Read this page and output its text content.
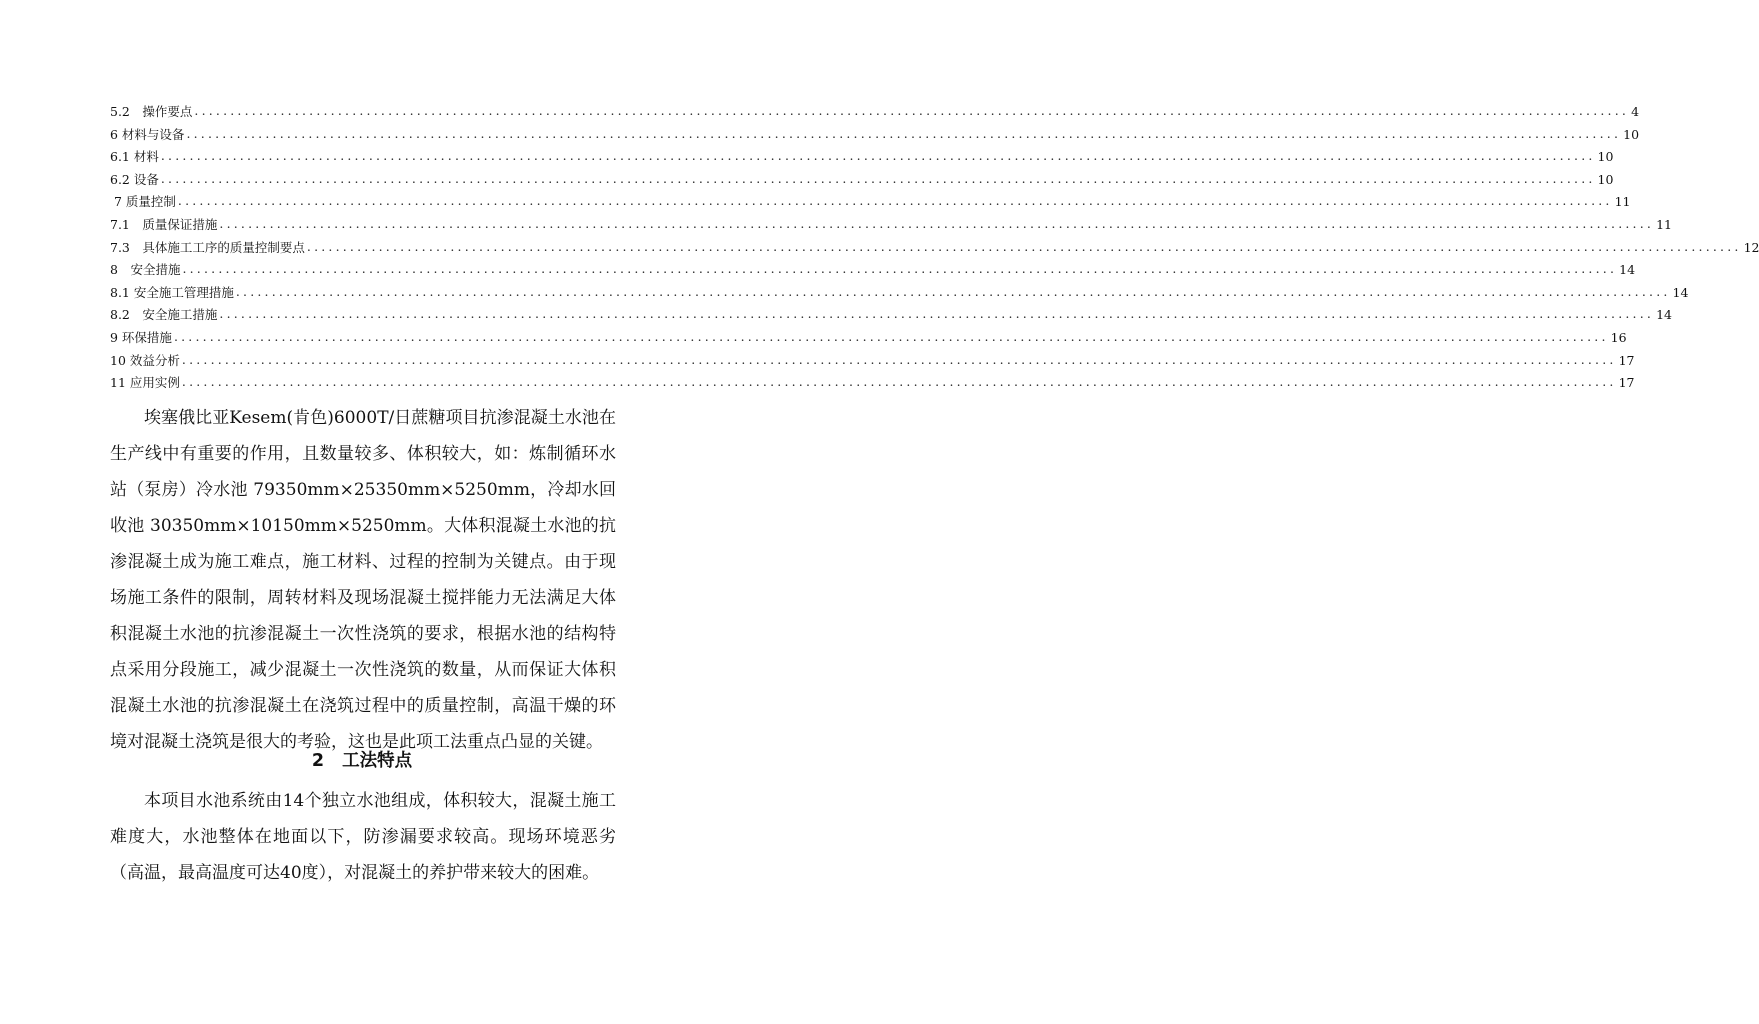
5.2　操作要点 ........................................................................................................................................................................................................ 4
6 材料与设备 ........................................................................................................................................................................................................ 10
6.1 材料 ........................................................................................................................................................................................................ 10
6.2 设备 ........................................................................................................................................................................................................ 10
7 质量控制 ........................................................................................................................................................................................................ 11
7.1　质量保证措施 ........................................................................................................................................................................................................ 11
7.3　具体施工工序的质量控制要点 ........................................................................................................................................................................................................ 12
8　安全措施 ........................................................................................................................................................................................................ 14
8.1 安全施工管理措施 ........................................................................................................................................................................................................ 14
8.2　安全施工措施 ........................................................................................................................................................................................................ 14
9 环保措施 ........................................................................................................................................................................................................ 16
10 效益分析 ........................................................................................................................................................................................................ 17
11 应用实例 ........................................................................................................................................................................................................ 17

埃塞俄比亚Kesem(肯色)6000T/日蔗糖项目抗渗混凝土水池在生产线中有重要的作用，且数量较多、体积较大，如：炼制循环水站（泵房）冷水池 79350mm×25350mm×5250mm，冷却水回收池 30350mm×10150mm×5250mm。大体积混凝土水池的抗渗混凝土成为施工难点，施工材料、过程的控制为关键点。由于现场施工条件的限制，周转材料及现场混凝土搅拌能力无法满足大体积混凝土水池的抗渗混凝土一次性浇筑的要求，根据水池的结构特点采用分段施工，减少混凝土一次性浇筑的数量，从而保证大体积混凝土水池的抗渗混凝土在浇筑过程中的质量控制，高温干燥的环境对混凝土浇筑是很大的考验，这也是此项工法重点凸显的关键。

2 工法特点

本项目水池系统由14个独立水池组成，体积较大，混凝土施工难度大，水池整体在地面以下，防渗漏要求较高。现场环境恶劣（高温，最高温度可达40度），对混凝土的养护带来较大的困难。
